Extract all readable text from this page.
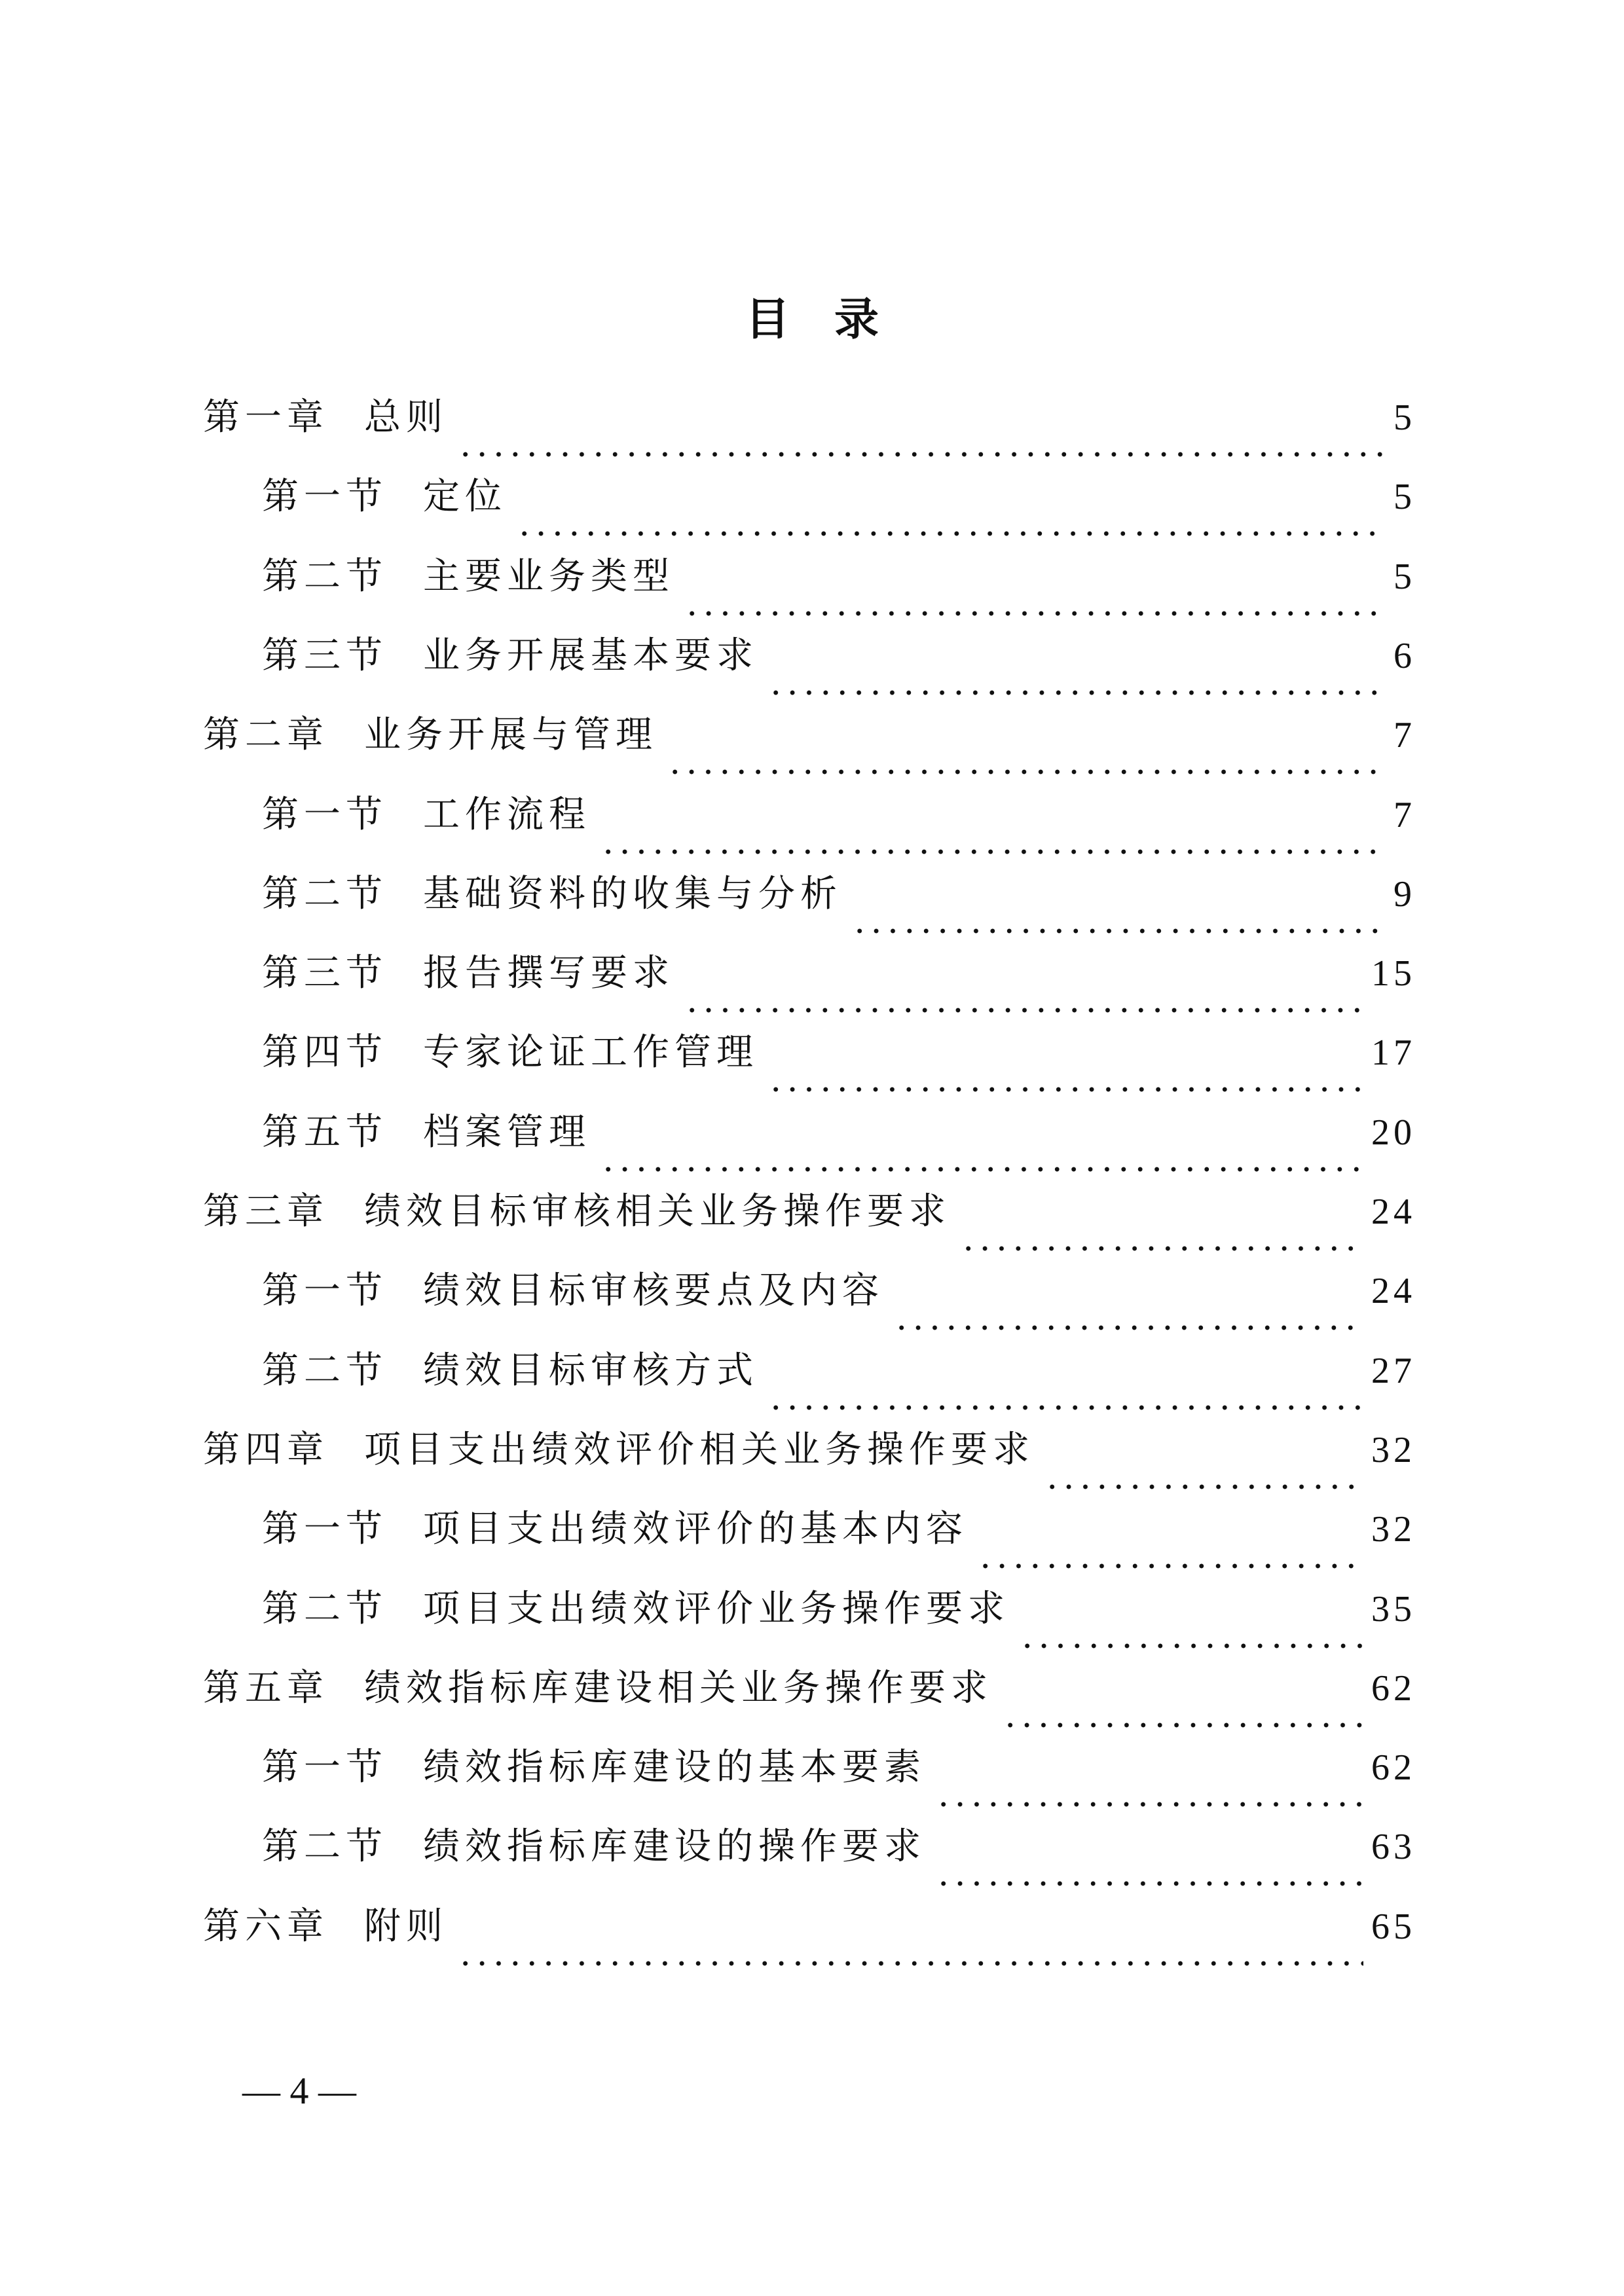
目 录
第一章 总则	5
第一节 定位	5
第二节 主要业务类型	5
第三节 业务开展基本要求	6
第二章 业务开展与管理	7
第一节 工作流程	7
第二节 基础资料的收集与分析	9
第三节 报告撰写要求	15
第四节 专家论证工作管理	17
第五节 档案管理	20
第三章 绩效目标审核相关业务操作要求	24
第一节 绩效目标审核要点及内容	24
第二节 绩效目标审核方式	27
第四章 项目支出绩效评价相关业务操作要求	32
第一节 项目支出绩效评价的基本内容	32
第二节 项目支出绩效评价业务操作要求	35
第五章 绩效指标库建设相关业务操作要求	62
第一节 绩效指标库建设的基本要素	62
第二节 绩效指标库建设的操作要求	63
第六章 附则	65
— 4 —
